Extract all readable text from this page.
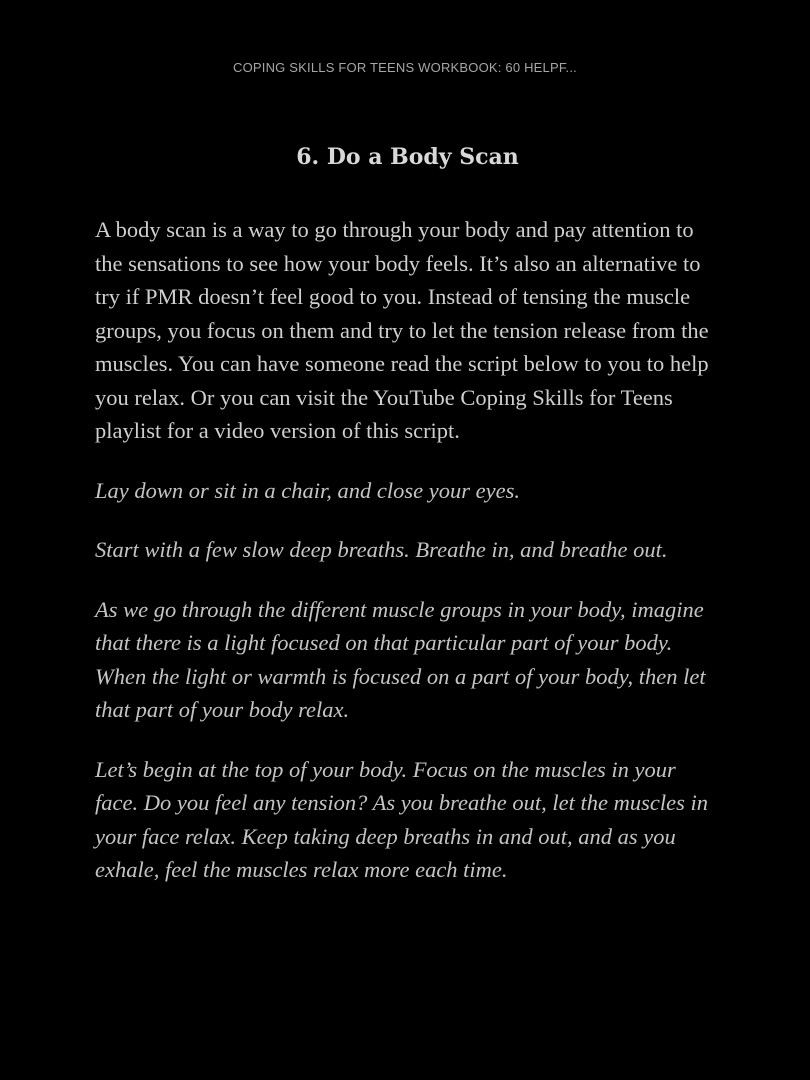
COPING SKILLS FOR TEENS WORKBOOK: 60 HELPF...
6. Do a Body Scan

A body scan is a way to go through your body and pay attention to the sensations to see how your body feels. It’s also an alternative to try if PMR doesn’t feel good to you. Instead of tensing the muscle groups, you focus on them and try to let the tension release from the muscles. You can have someone read the script below to you to help you relax. Or you can visit the YouTube Coping Skills for Teens playlist for a video version of this script.

Lay down or sit in a chair, and close your eyes.

Start with a few slow deep breaths. Breathe in, and breathe out.

As we go through the different muscle groups in your body, imagine that there is a light focused on that particular part of your body. When the light or warmth is focused on a part of your body, then let that part of your body relax.

Let’s begin at the top of your body. Focus on the muscles in your face. Do you feel any tension? As you breathe out, let the muscles in your face relax. Keep taking deep breaths in and out, and as you exhale, feel the muscles relax more each time.
